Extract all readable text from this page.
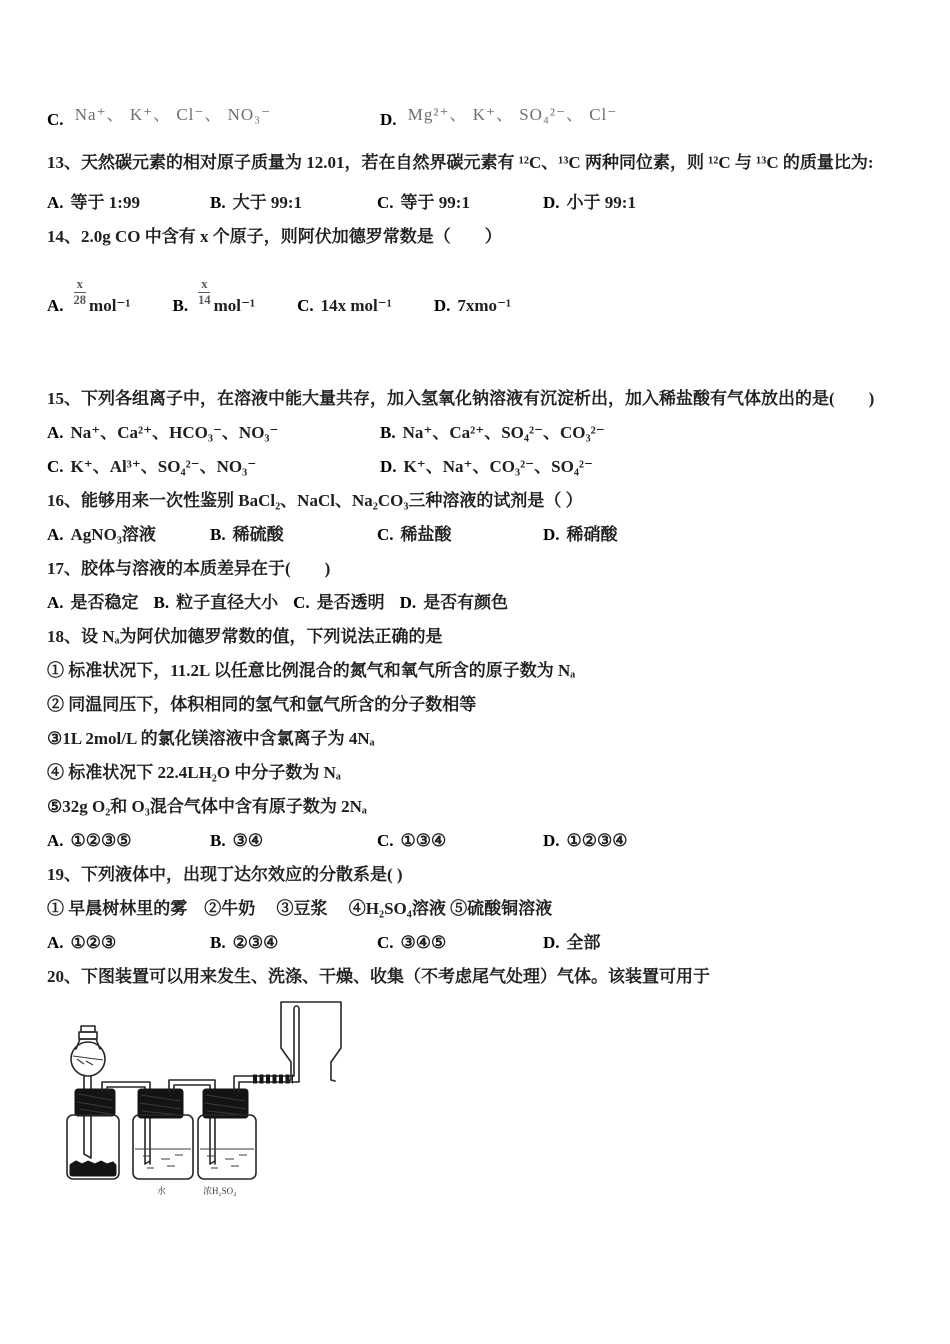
C. Na⁺、 K⁺、 Cl⁻、 NO₃⁻	D. Mg²⁺、 K⁺、 SO₄²⁻、 Cl⁻
13、天然碳元素的相对原子质量为 12.01，若在自然界碳元素有 ¹²C、¹³C 两种同位素，则 ¹²C 与 ¹³C 的质量比为:
A. 等于 1:99	B. 大于 99:1	C. 等于 99:1	D. 小于 99:1
14、2.0g CO 中含有 x 个原子，则阿伏加德罗常数是（　　）
A. $\frac{x}{28} mol^{-1}$ B. $\frac{x}{14} mol^{-1}$ C. 14x mol⁻¹ D. 7xmo⁻¹
15、下列各组离子中，在溶液中能大量共存，加入氢氧化钠溶液有沉淀析出，加入稀盐酸有气体放出的是(　　)
A. Na⁺、Ca²⁺、HCO₃⁻、NO₃⁻	B. Na⁺、Ca²⁺、SO₄²⁻、CO₃²⁻
C. K⁺、Al³⁺、SO₄²⁻、NO₃⁻	D. K⁺、Na⁺、CO₃²⁻、SO₄²⁻
16、能够用来一次性鉴别 BaCl₂、NaCl、Na₂CO₃三种溶液的试剂是（ ）
A. AgNO₃溶液	B. 稀硫酸	C. 稀盐酸	D. 稀硝酸
17、胶体与溶液的本质差异在于(　　)
A. 是否稳定 B. 粒子直径大小 C. 是否透明 D. 是否有颜色
18、设 Nₐ为阿伏加德罗常数的值，下列说法正确的是
① 标准状况下，11.2L 以任意比例混合的氮气和氧气所含的原子数为 Nₐ
② 同温同压下，体积相同的氢气和氩气所含的分子数相等
③1L 2mol/L 的氯化镁溶液中含氯离子为 4Nₐ
④ 标准状况下 22.4LH₂O 中分子数为 Nₐ
⑤32g O₂和 O₃混合气体中含有原子数为 2Nₐ
A. ①②③⑤	B. ③④	C. ①③④	D. ①②③④
19、下列液体中，出现丁达尔效应的分散系是( )
① 早晨树林里的雾　②牛奶　 ③豆浆　 ④H₂SO₄溶液 ⑤硫酸铜溶液
A. ①②③	B. ②③④	C. ③④⑤	D. 全部
20、下图装置可以用来发生、洗涤、干燥、收集（不考虑尾气处理）气体。该装置可用于
水	浓H₂SO₄
